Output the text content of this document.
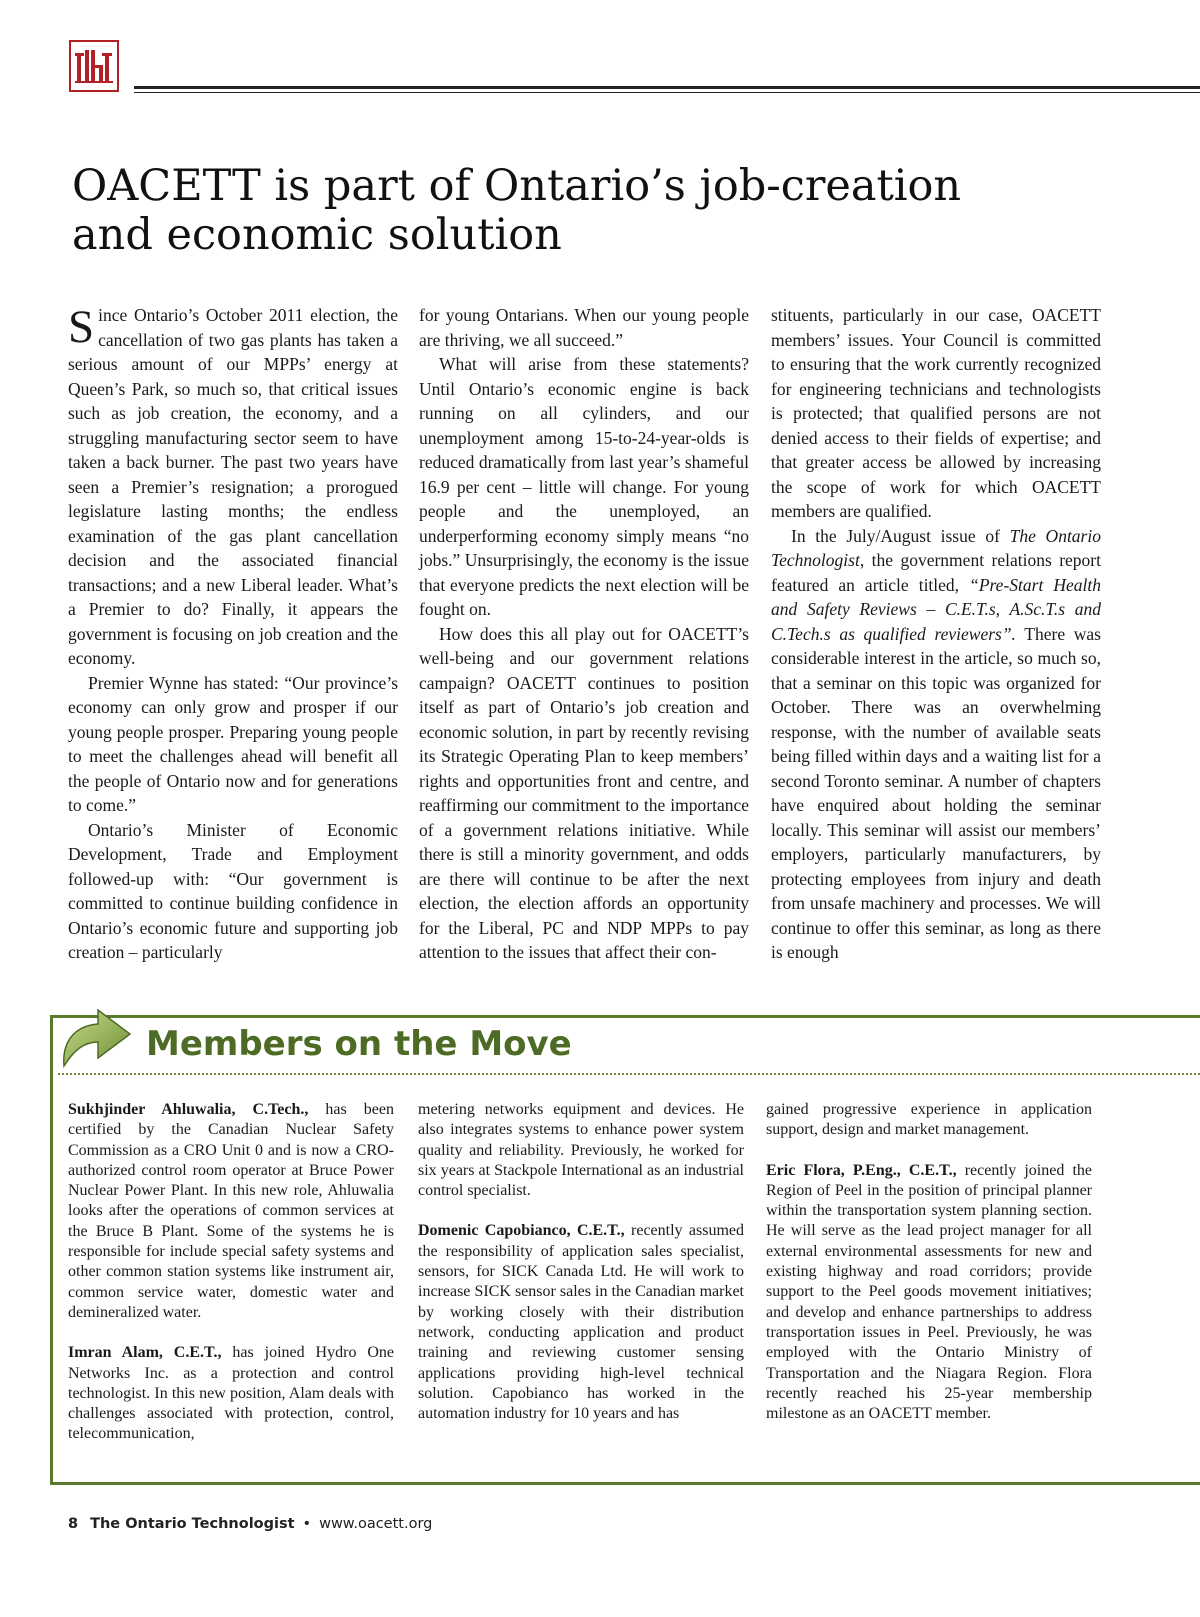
OACETT is part of Ontario’s job-creation
and economic solution

Since Ontario’s October 2011 election, the cancellation of two gas plants has taken a serious amount of our MPPs’ energy at Queen’s Park, so much so, that critical issues such as job creation, the economy, and a struggling manufacturing sector seem to have taken a back burner. The past two years have seen a Premier’s resignation; a prorogued legislature lasting months; the endless examination of the gas plant cancellation decision and the associated financial transactions; and a new Liberal leader. What’s a Premier to do? Finally, it appears the government is focusing on job creation and the economy.

Premier Wynne has stated: “Our province’s economy can only grow and prosper if our young people prosper. Preparing young people to meet the challenges ahead will benefit all the people of Ontario now and for generations to come.”

Ontario’s Minister of Economic Development, Trade and Employment followed-up with: “Our government is committed to continue building confidence in Ontario’s economic future and supporting job creation – particularly

for young Ontarians. When our young people are thriving, we all succeed.”

What will arise from these statements? Until Ontario’s economic engine is back running on all cylinders, and our unemployment among 15-to-24-year-olds is reduced dramatically from last year’s shameful 16.9 per cent – little will change. For young people and the unemployed, an underperforming economy simply means “no jobs.” Unsurprisingly, the economy is the issue that everyone predicts the next election will be fought on.

How does this all play out for OACETT’s well-being and our government relations campaign? OACETT continues to position itself as part of Ontario’s job creation and economic solution, in part by recently revising its Strategic Operating Plan to keep members’ rights and opportunities front and centre, and reaffirming our commitment to the importance of a government relations initiative. While there is still a minority government, and odds are there will continue to be after the next election, the election affords an opportunity for the Liberal, PC and NDP MPPs to pay attention to the issues that affect their con-

stituents, particularly in our case, OACETT members’ issues. Your Council is committed to ensuring that the work currently recognized for engineering technicians and technologists is protected; that qualified persons are not denied access to their fields of expertise; and that greater access be allowed by increasing the scope of work for which OACETT members are qualified.

In the July/August issue of The Ontario Technologist, the government relations report featured an article titled, “Pre-Start Health and Safety Reviews – C.E.T.s, A.Sc.T.s and C.Tech.s as qualified reviewers”. There was considerable interest in the article, so much so, that a seminar on this topic was organized for October. There was an overwhelming response, with the number of available seats being filled within days and a waiting list for a second Toronto seminar. A number of chapters have enquired about holding the seminar locally. This seminar will assist our members’ employers, particularly manufacturers, by protecting employees from injury and death from unsafe machinery and processes. We will continue to offer this seminar, as long as there is enough

Members on the Move

Sukhjinder Ahluwalia, C.Tech., has been certified by the Canadian Nuclear Safety Commission as a CRO Unit 0 and is now a CRO-authorized control room operator at Bruce Power Nuclear Power Plant. In this new role, Ahluwalia looks after the operations of common services at the Bruce B Plant. Some of the systems he is responsible for include special safety systems and other common station systems like instrument air, common service water, domestic water and demineralized water.

Imran Alam, C.E.T., has joined Hydro One Networks Inc. as a protection and control technologist. In this new position, Alam deals with challenges associated with protection, control, telecommunication,

metering networks equipment and devices. He also integrates systems to enhance power system quality and reliability. Previously, he worked for six years at Stackpole International as an industrial control specialist.

Domenic Capobianco, C.E.T., recently assumed the responsibility of application sales specialist, sensors, for SICK Canada Ltd. He will work to increase SICK sensor sales in the Canadian market by working closely with their distribution network, conducting application and product training and reviewing customer sensing applications providing high-level technical solution. Capobianco has worked in the automation industry for 10 years and has

gained progressive experience in application support, design and market management.

Eric Flora, P.Eng., C.E.T., recently joined the Region of Peel in the position of principal planner within the transportation system planning section. He will serve as the lead project manager for all external environmental assessments for new and existing highway and road corridors; provide support to the Peel goods movement initiatives; and develop and enhance partnerships to address transportation issues in Peel. Previously, he was employed with the Ontario Ministry of Transportation and the Niagara Region. Flora recently reached his 25-year membership milestone as an OACETT member.

8 The Ontario Technologist • www.oacett.org
